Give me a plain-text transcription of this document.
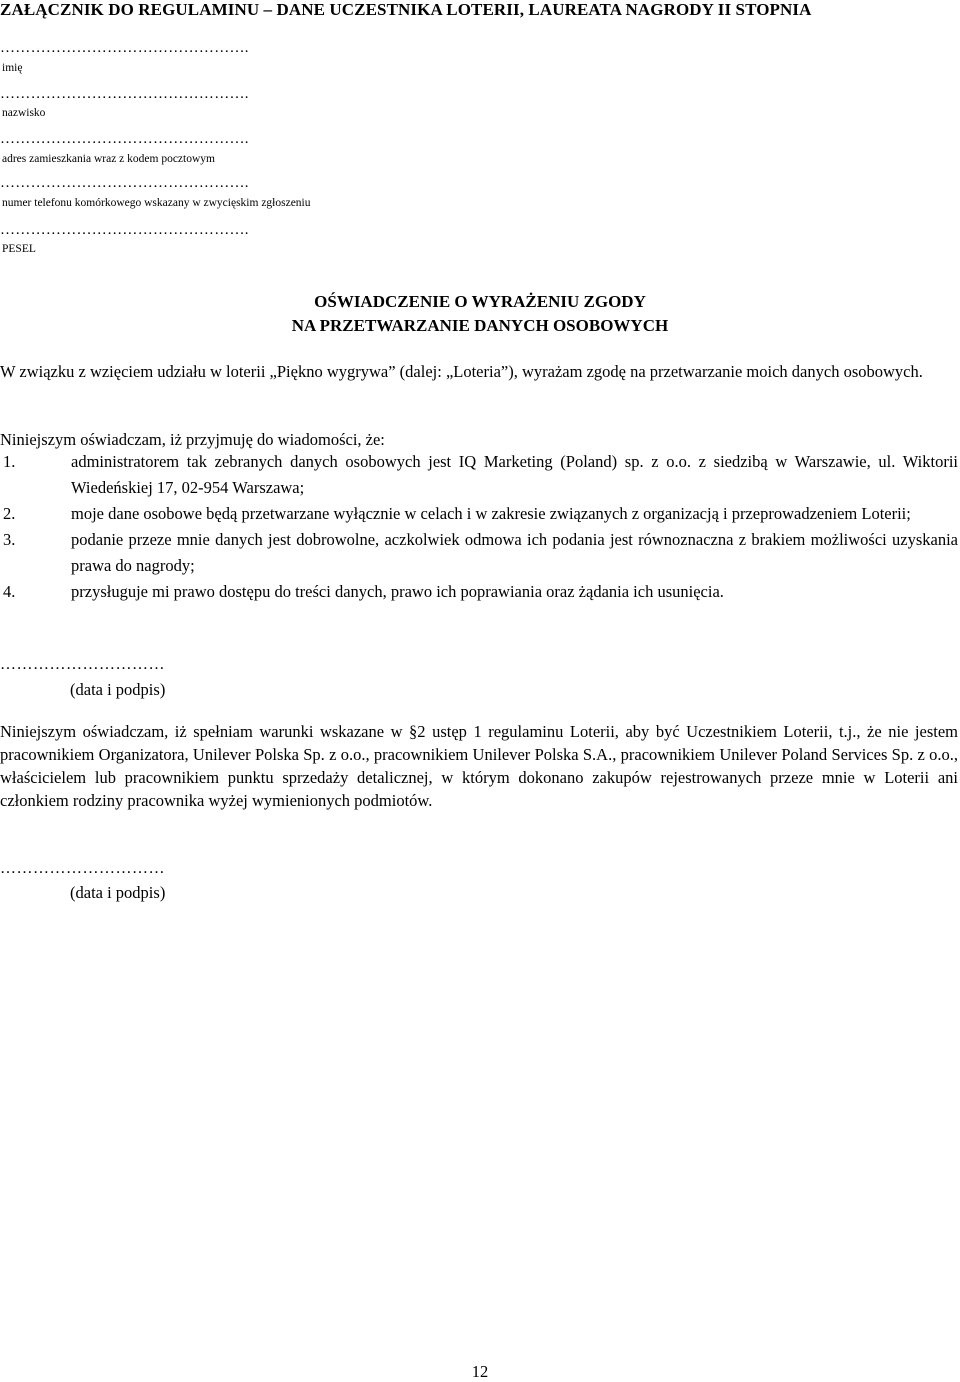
ZAŁĄCZNIK DO REGULAMINU – DANE UCZESTNIKA LOTERII, LAUREATA NAGRODY II STOPNIA
………………………………………….
imię
………………………………………….
nazwisko
………………………………………….
adres zamieszkania wraz z kodem pocztowym
………………………………………….
numer telefonu komórkowego wskazany w zwycięskim zgłoszeniu
………………………………………….
PESEL
OŚWIADCZENIE O WYRAŻENIU ZGODY
NA PRZETWARZANIE DANYCH OSOBOWYCH
W związku z wzięciem udziału w loterii „Piękno wygrywa” (dalej: „Loteria”), wyrażam zgodę na przetwarzanie moich danych osobowych.
Niniejszym oświadczam, iż przyjmuję do wiadomości, że:
1.	administratorem tak zebranych danych osobowych jest IQ Marketing (Poland) sp. z o.o. z siedzibą w Warszawie, ul. Wiktorii Wiedeńskiej 17, 02-954 Warszawa;
2.	moje dane osobowe będą przetwarzane wyłącznie w celach i w zakresie związanych z organizacją i przeprowadzeniem Loterii;
3.	podanie przeze mnie danych jest dobrowolne, aczkolwiek odmowa ich podania jest równoznaczna z brakiem możliwości uzyskania prawa do nagrody;
4.	przysługuje mi prawo dostępu do treści danych, prawo ich poprawiania oraz żądania ich usunięcia.
…………………………
(data i podpis)
Niniejszym oświadczam, iż spełniam warunki wskazane w §2 ustęp 1 regulaminu Loterii, aby być Uczestnikiem Loterii, t.j., że nie jestem pracownikiem Organizatora, Unilever Polska Sp. z o.o., pracownikiem Unilever Polska S.A., pracownikiem Unilever Poland Services Sp. z o.o., właścicielem lub pracownikiem punktu sprzedaży detalicznej, w którym dokonano zakupów rejestrowanych przeze mnie w Loterii ani członkiem rodziny pracownika wyżej wymienionych podmiotów.
…………………………
(data i podpis)
12
